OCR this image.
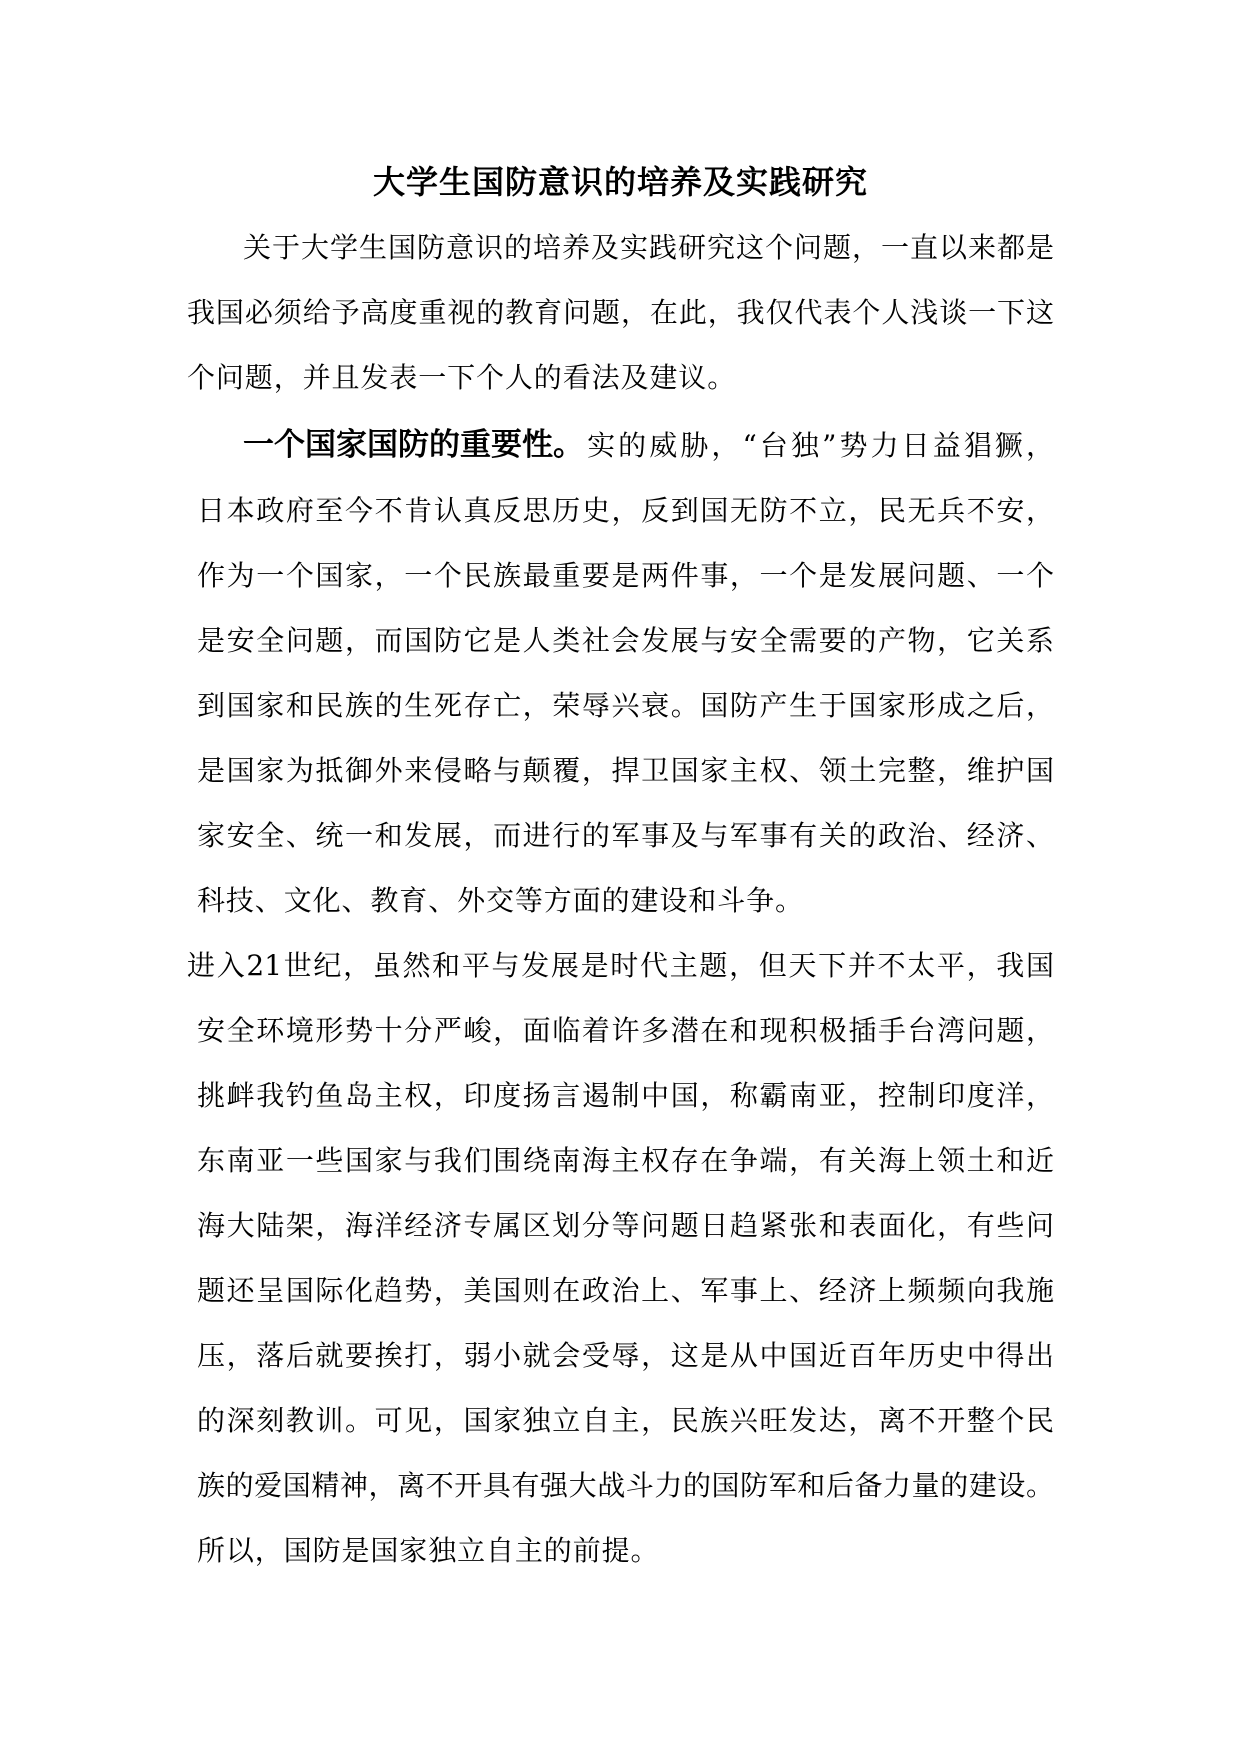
大学生国防意识的培养及实践研究
关于大学生国防意识的培养及实践研究这个问题，一直以来都是
我国必须给予高度重视的教育问题，在此，我仅代表个人浅谈一下这
个问题，并且发表一下个人的看法及建议。
一个国家国防的重要性。实的威胁，“台独”势力日益猖獗，
日本政府至今不肯认真反思历史，反到国无防不立，民无兵不安，
作为一个国家，一个民族最重要是两件事，一个是发展问题、一个
是安全问题，而国防它是人类社会发展与安全需要的产物，它关系
到国家和民族的生死存亡，荣辱兴衰。国防产生于国家形成之后，
是国家为抵御外来侵略与颠覆，捍卫国家主权、领土完整，维护国
家安全、统一和发展，而进行的军事及与军事有关的政治、经济、
科技、文化、教育、外交等方面的建设和斗争。
进入21世纪，虽然和平与发展是时代主题，但天下并不太平，我国
安全环境形势十分严峻，面临着许多潜在和现积极插手台湾问题，
挑衅我钓鱼岛主权，印度扬言遏制中国，称霸南亚，控制印度洋，
东南亚一些国家与我们围绕南海主权存在争端，有关海上领土和近
海大陆架，海洋经济专属区划分等问题日趋紧张和表面化，有些问
题还呈国际化趋势，美国则在政治上、军事上、经济上频频向我施
压，落后就要挨打，弱小就会受辱，这是从中国近百年历史中得出
的深刻教训。可见，国家独立自主，民族兴旺发达，离不开整个民
族的爱国精神，离不开具有强大战斗力的国防军和后备力量的建设。
所以，国防是国家独立自主的前提。
